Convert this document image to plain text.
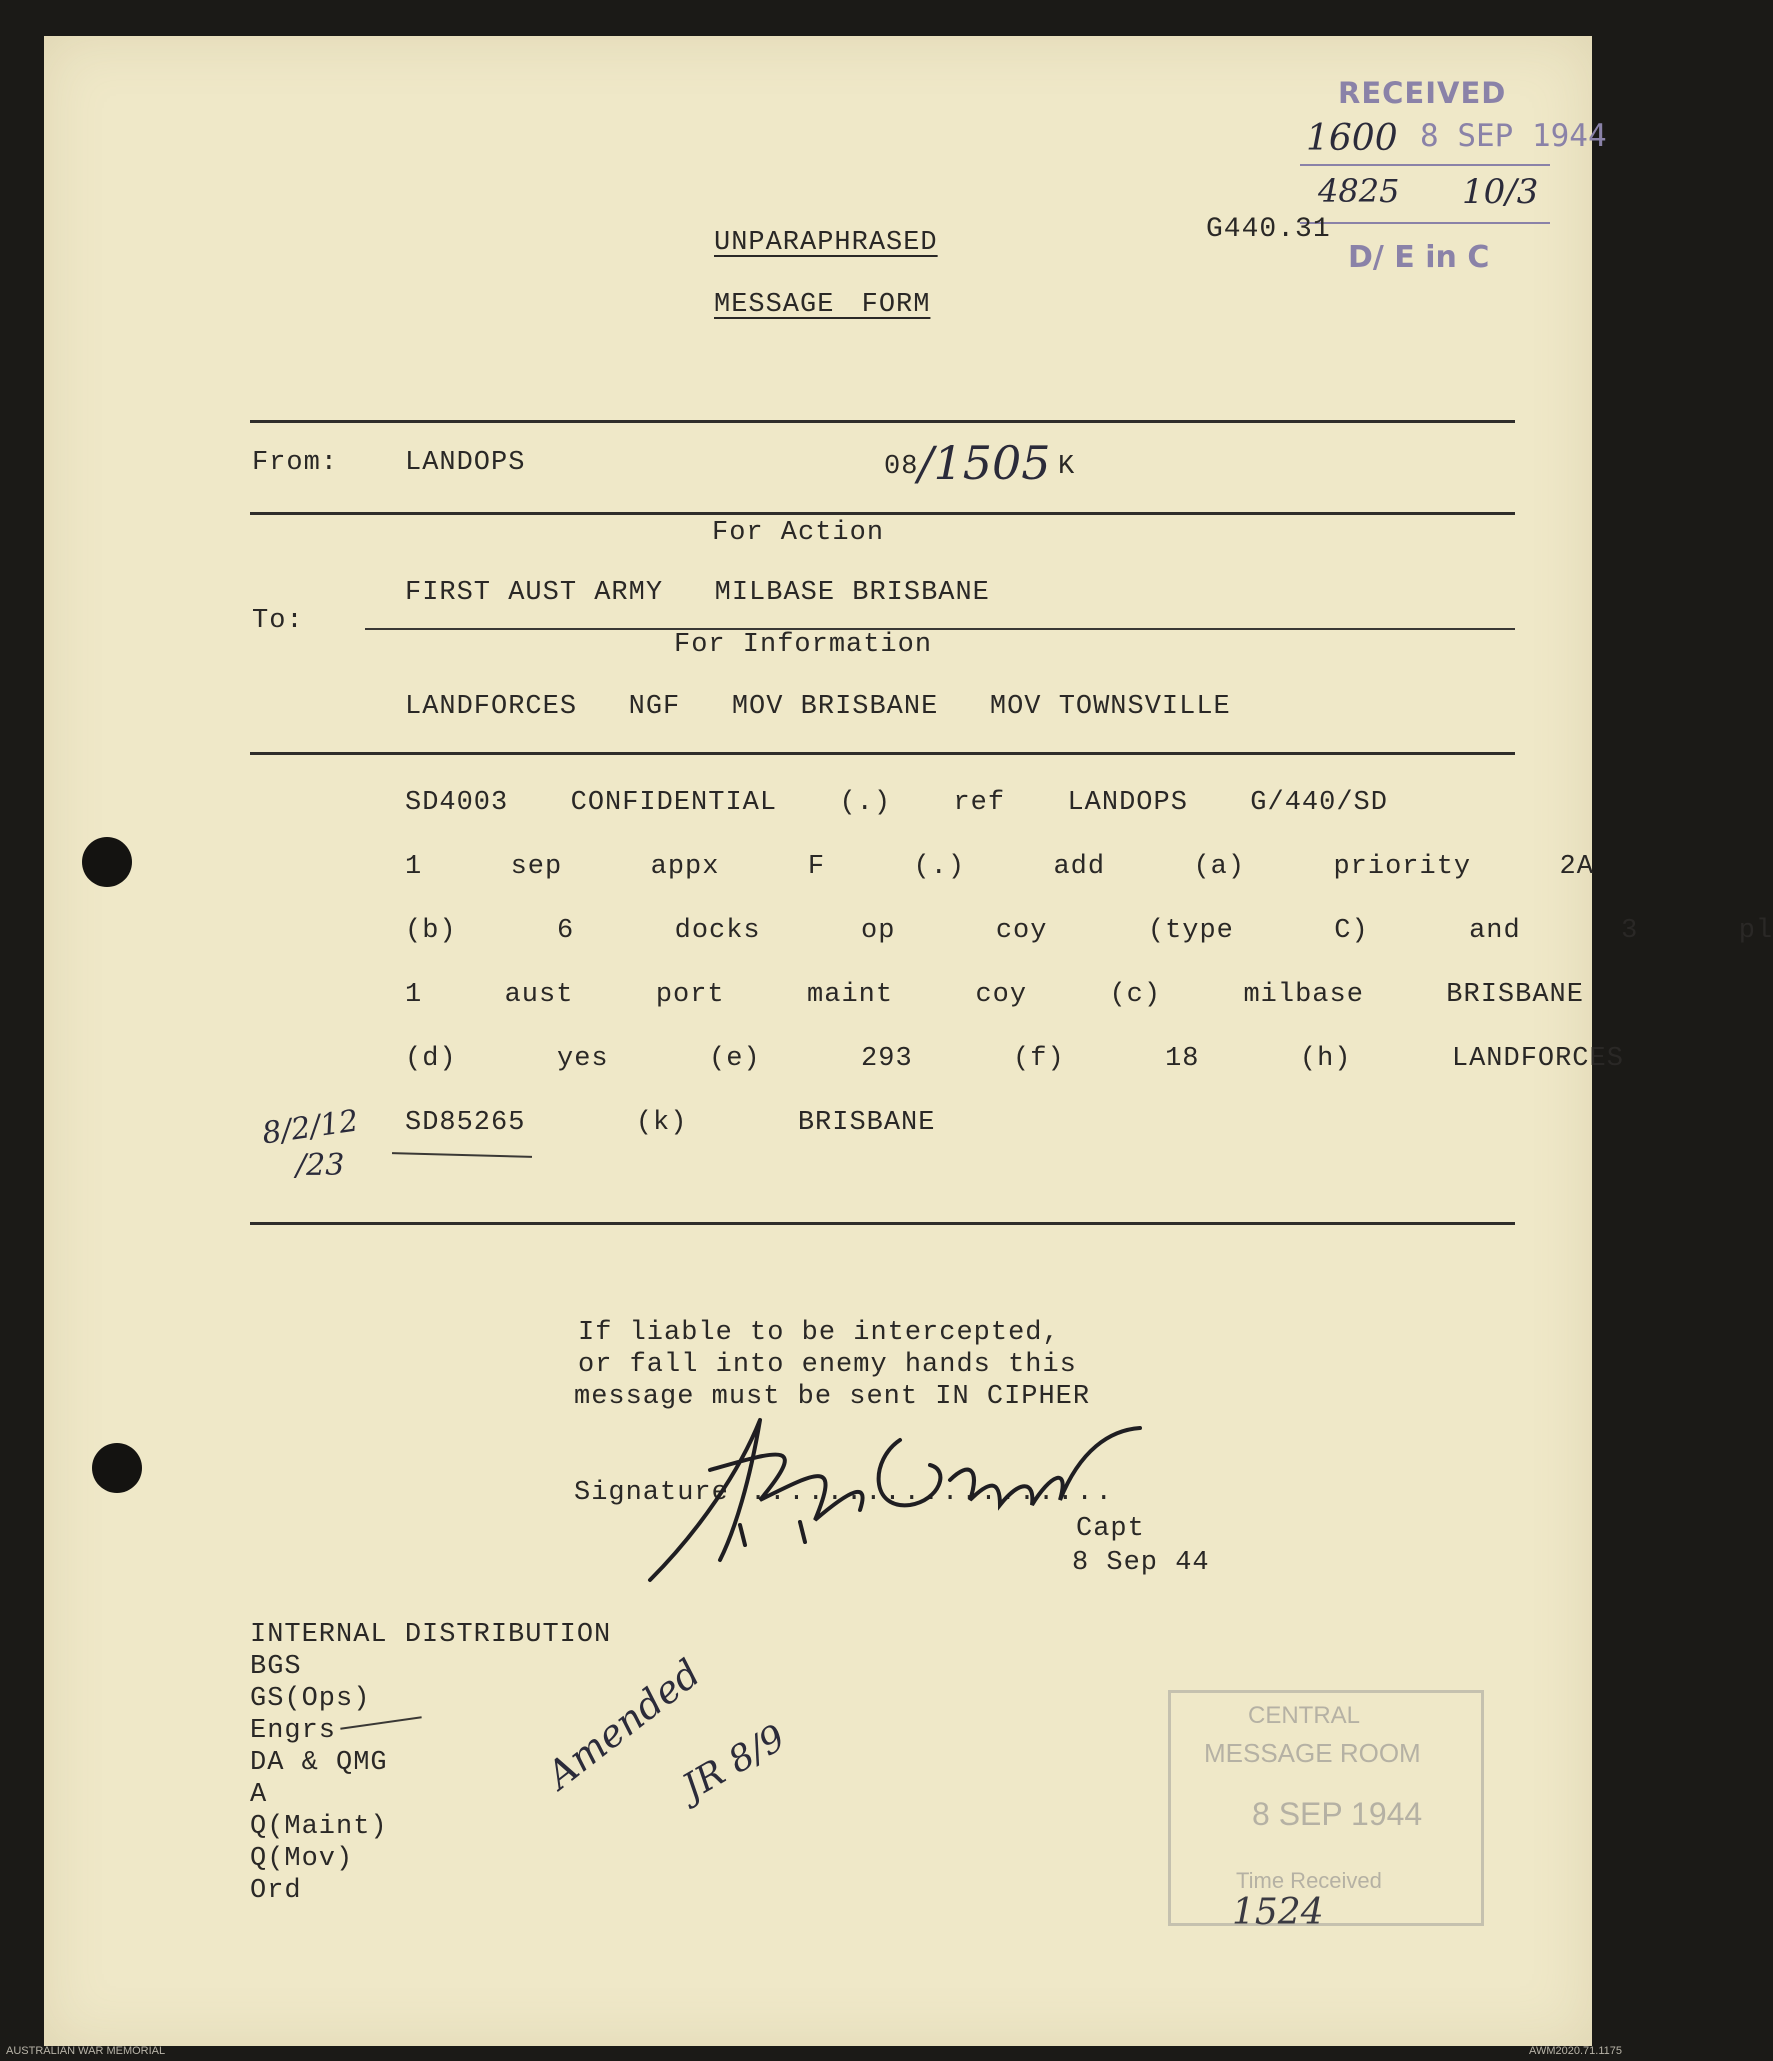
RECEIVED
1600 8 SEP 1944
4825 10/3
D/ E in C
G440.31
UNPARAPHRASED
MESSAGE FORM
From: LANDOPS	08 /1505 K
For Action
To:
FIRST AUST ARMY   MILBASE BRISBANE
For Information
LANDFORCES   NGF   MOV BRISBANE   MOV TOWNSVILLE
SD4003  CONFIDENTIAL  (.)  ref  LANDOPS  G/440/SD
1  sep  appx  F  (.)  add  (a)  priority  2A
(b)  6  docks  op  coy  (type  C)  and  3  pl
1  aust  port  maint  coy  (c)  milbase  BRISBANE
(d)  yes  (e)  293  (f)  18  (h)  LANDFORCES
SD85265  (k)  BRISBANE
8/2/12
/23
If liable to be intercepted,
or fall into enemy hands this
message must be sent IN CIPHER
Signature ...................
Capt
8 Sep 44
INTERNAL DISTRIBUTION
BGS
GS(Ops)
Engrs
DA & QMG
A
Q(Maint)
Q(Mov)
Ord
Amended
JR 8/9
CENTRAL
MESSAGE ROOM
8 SEP 1944
Time Received
1524
AUSTRALIAN WAR MEMORIAL	AWM2020.71.1175
